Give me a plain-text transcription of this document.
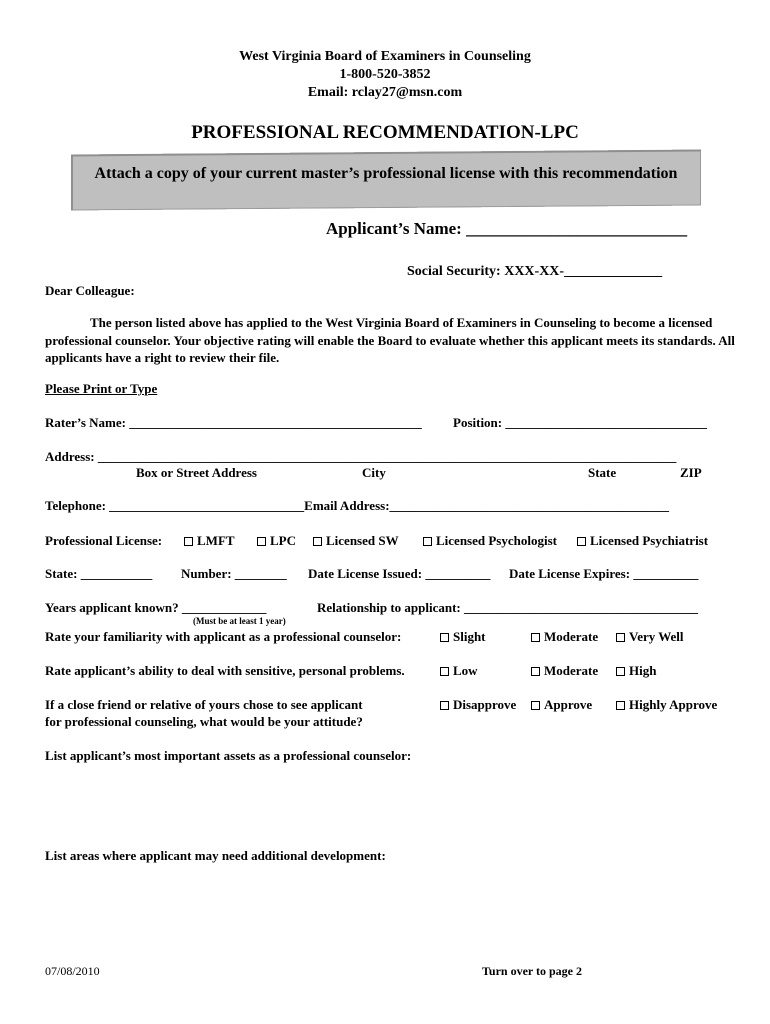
West Virginia Board of Examiners in Counseling
1-800-520-3852
Email: rclay27@msn.com
PROFESSIONAL RECOMMENDATION-LPC
Attach a copy of your current master’s professional license with this recommendation
Applicant’s Name: __________________________
Social Security: XXX-XX-______________
Dear Colleague:
The person listed above has applied to the West Virginia Board of Examiners in Counseling to become a licensed professional counselor. Your objective rating will enable the Board to evaluate whether this applicant meets its standards. All applicants have a right to review their file.
Please Print or Type
Rater’s Name: _____________________________________________ Position: _______________________________
Address: _________________________________________________________________________________________
Box or Street Address	City	State	ZIP
Telephone: ______________________________Email Address:___________________________________________
Professional License:	LMFT	LPC	Licensed SW	Licensed Psychologist	Licensed Psychiatrist
State: ___________ Number: ________ Date License Issued: __________ Date License Expires: __________
Years applicant known? _____________
(Must be at least 1 year)
Relationship to applicant: ____________________________________
Rate your familiarity with applicant as a professional counselor:	Slight	Moderate	Very Well
Rate applicant’s ability to deal with sensitive, personal problems.	Low	Moderate	High
If a close friend or relative of yours chose to see applicant
for professional counseling, what would be your attitude?
Disapprove	Approve	Highly Approve
List applicant’s most important assets as a professional counselor:
List areas where applicant may need additional development:
07/08/2010	Turn over to page 2
